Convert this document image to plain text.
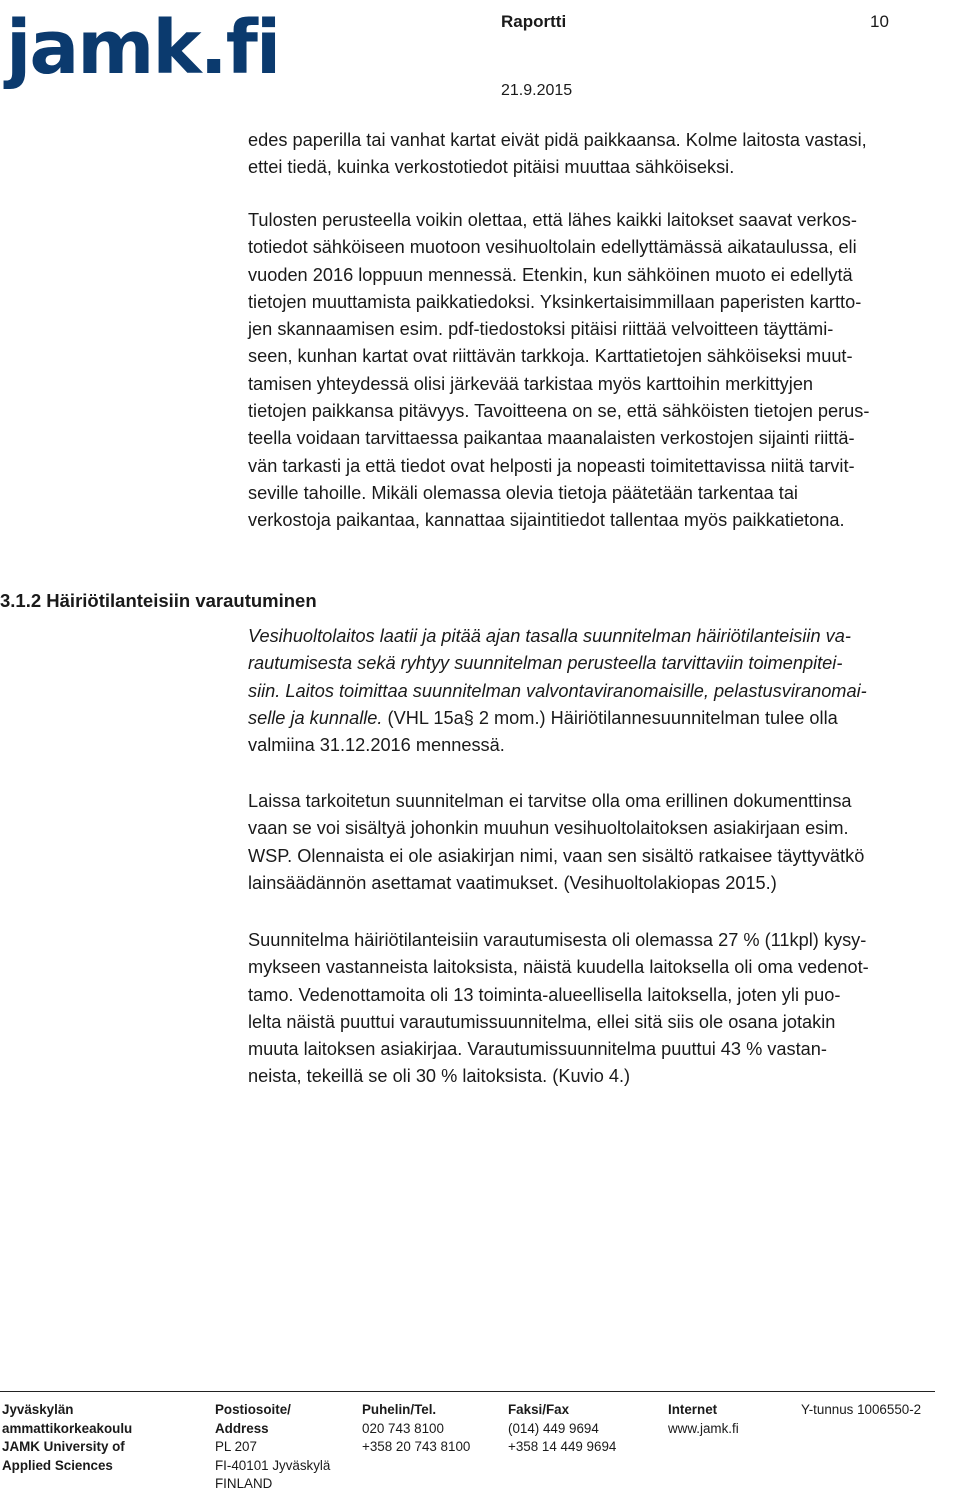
jamk.fi	Raportti	10
21.9.2015

edes paperilla tai vanhat kartat eivät pidä paikkaansa. Kolme laitosta vastasi,
ettei tiedä, kuinka verkostotiedot pitäisi muuttaa sähköiseksi.

Tulosten perusteella voikin olettaa, että lähes kaikki laitokset saavat verkos-
totiedot sähköiseen muotoon vesihuoltolain edellyttämässä aikataulussa, eli
vuoden 2016 loppuun mennessä. Etenkin, kun sähköinen muoto ei edellytä
tietojen muuttamista paikkatiedoksi. Yksinkertaisimmillaan paperisten kartto-
jen skannaamisen esim. pdf-tiedostoksi pitäisi riittää velvoitteen täyttämi-
seen, kunhan kartat ovat riittävän tarkkoja. Karttatietojen sähköiseksi muut-
tamisen yhteydessä olisi järkevää tarkistaa myös karttoihin merkittyjen
tietojen paikkansa pitävyys. Tavoitteena on se, että sähköisten tietojen perus-
teella voidaan tarvittaessa paikantaa maanalaisten verkostojen sijainti riittä-
vän tarkasti ja että tiedot ovat helposti ja nopeasti toimitettavissa niitä tarvit-
seville tahoille. Mikäli olemassa olevia tietoja päätetään tarkentaa tai
verkostoja paikantaa, kannattaa sijaintitiedot tallentaa myös paikkatietona.

3.1.2 Häiriötilanteisiin varautuminen

Vesihuoltolaitos laatii ja pitää ajan tasalla suunnitelman häiriötilanteisiin va-
rautumisesta sekä ryhtyy suunnitelman perusteella tarvittaviin toimenpitei-
siin. Laitos toimittaa suunnitelman valvontaviranomaisille, pelastusviranomai-
selle ja kunnalle. (VHL 15a§ 2 mom.) Häiriötilannesuunnitelman tulee olla
valmiina 31.12.2016 mennessä.

Laissa tarkoitetun suunnitelman ei tarvitse olla oma erillinen dokumenttinsa
vaan se voi sisältyä johonkin muuhun vesihuoltolaitoksen asiakirjaan esim.
WSP. Olennaista ei ole asiakirjan nimi, vaan sen sisältö ratkaisee täyttyvätkö
lainsäädännön asettamat vaatimukset. (Vesihuoltolakiopas 2015.)

Suunnitelma häiriötilanteisiin varautumisesta oli olemassa 27 % (11kpl) kysy-
mykseen vastanneista laitoksista, näistä kuudella laitoksella oli oma vedenot-
tamo. Vedenottamoita oli 13 toiminta-alueellisella laitoksella, joten yli puo-
lelta näistä puuttui varautumissuunnitelma, ellei sitä siis ole osana jotakin
muuta laitoksen asiakirjaa. Varautumissuunnitelma puuttui 43 % vastan-
neista, tekeillä se oli 30 % laitoksista. (Kuvio 4.)

Jyväskylän
ammattikorkeakoulu
JAMK University of
Applied Sciences
Postiosoite/
Address
PL 207
FI-40101 Jyväskylä
FINLAND
Puhelin/Tel.
020 743 8100
+358 20 743 8100
Faksi/Fax
(014) 449 9694
+358 14 449 9694
Internet
www.jamk.fi
Y-tunnus 1006550-2
